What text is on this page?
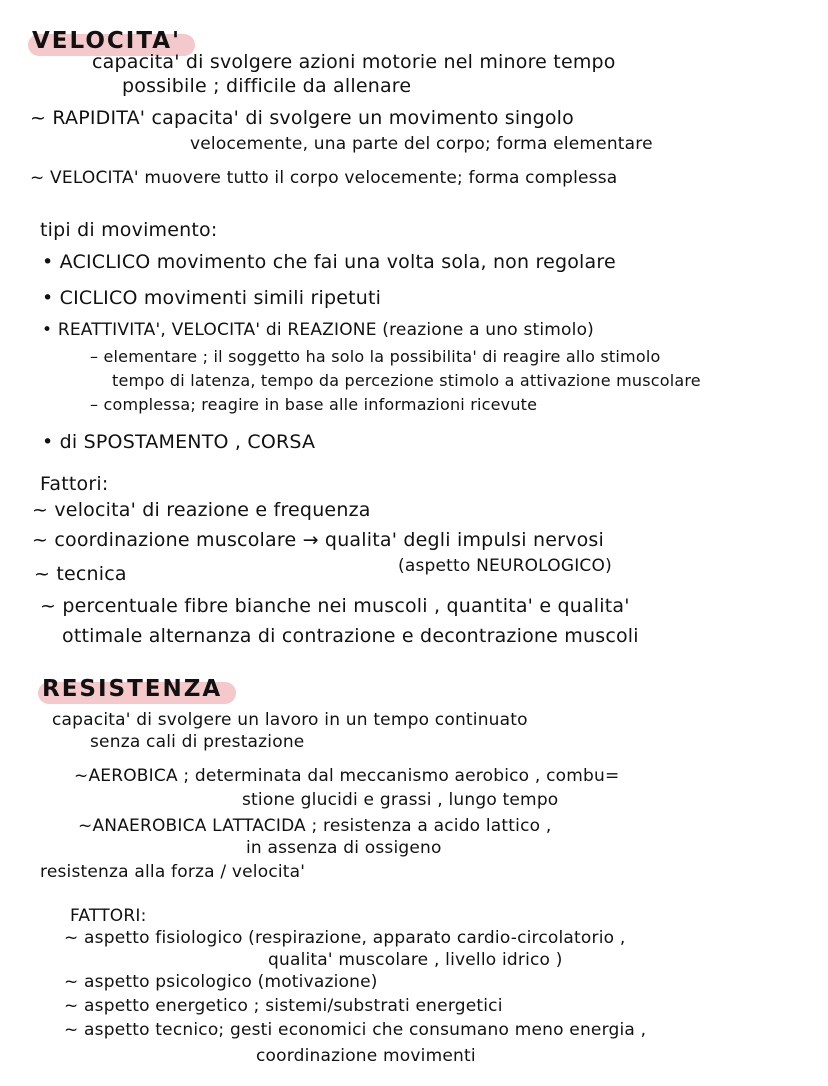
VELOCITA'
capacita' di svolgere azioni motorie nel minore tempo
possibile ; difficile da allenare
~ RAPIDITA' capacita' di svolgere un movimento singolo
velocemente, una parte del corpo; forma elementare
~ VELOCITA' muovere tutto il corpo velocemente; forma complessa
tipi di movimento:
• ACICLICO movimento che fai una volta sola, non regolare
• CICLICO movimenti simili ripetuti
• REATTIVITA', VELOCITA' di REAZIONE (reazione a uno stimolo)
– elementare ; il soggetto ha solo la possibilita' di reagire allo stimolo
tempo di latenza, tempo da percezione stimolo a attivazione muscolare
– complessa; reagire in base alle informazioni ricevute
• di SPOSTAMENTO , CORSA
Fattori:
~ velocita' di reazione e frequenza
~ coordinazione muscolare → qualita' degli impulsi nervosi
(aspetto NEUROLOGICO)
~ tecnica
~ percentuale fibre bianche nei muscoli , quantita' e qualita'
ottimale alternanza di contrazione e decontrazione muscoli
RESISTENZA
capacita' di svolgere un lavoro in un tempo continuato
senza cali di prestazione
~AEROBICA ; determinata dal meccanismo aerobico , combu=
stione glucidi e grassi , lungo tempo
~ANAEROBICA LATTACIDA ; resistenza a acido lattico ,
in assenza di ossigeno
resistenza alla forza / velocita'
FATTORI:
~ aspetto fisiologico (respirazione, apparato cardio-circolatorio ,
qualita' muscolare , livello idrico )
~ aspetto psicologico (motivazione)
~ aspetto energetico ; sistemi/substrati energetici
~ aspetto tecnico; gesti economici che consumano meno energia ,
coordinazione movimenti
